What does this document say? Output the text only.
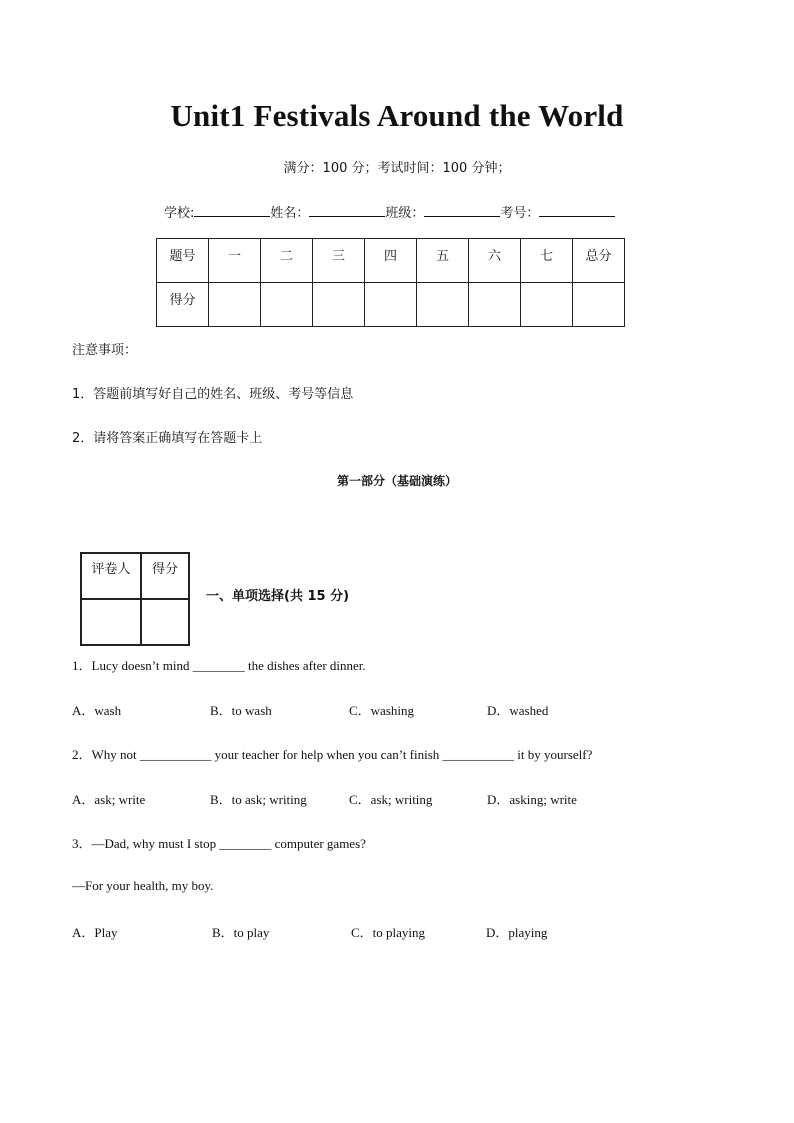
Unit1 Festivals Around the World
满分：100 分；考试时间：100 分钟；
学校:	姓名：	班级：	考号：
题号	一	二	三	四	五	六	七	总分
得分								
注意事项：
1．答题前填写好自己的姓名、班级、考号等信息
2．请将答案正确填写在答题卡上
第一部分（基础演练）
评卷人	得分

一、单项选择(共 15 分)
1．Lucy doesn’t mind ________ the dishes after dinner.
A．wash	B．to wash	C．washing	D．washed
2．Why not ___________ your teacher for help when you can’t finish ___________ it by yourself?
A．ask; write	B．to ask; writing	C．ask; writing	D．asking; write
3．—Dad, why must I stop ________ computer games?
—For your health, my boy.
A．Play	B．to play	C．to playing	D．playing
